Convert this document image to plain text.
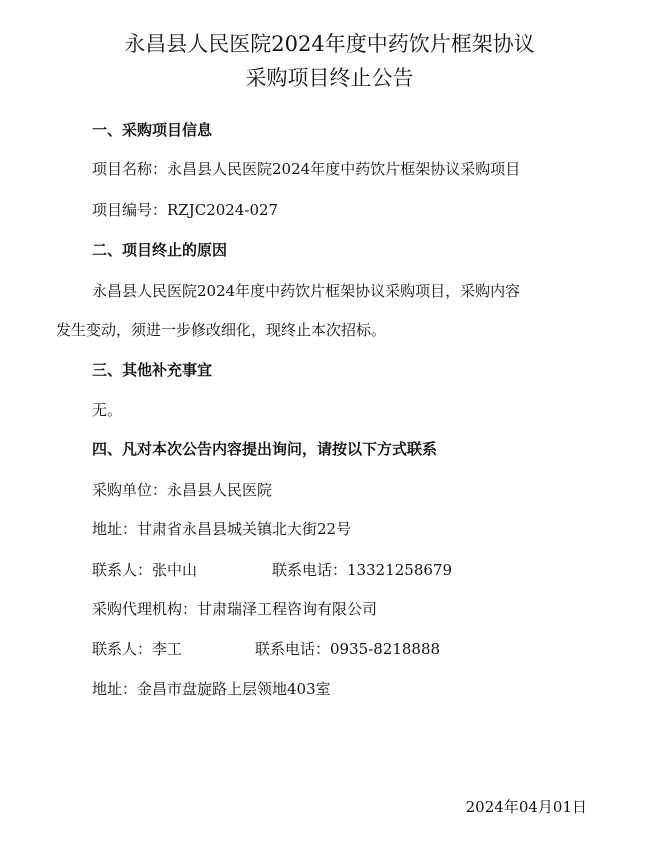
永昌县人民医院2024年度中药饮片框架协议
采购项目终止公告
一、采购项目信息
项目名称：永昌县人民医院2024年度中药饮片框架协议采购项目
项目编号：RZJC2024-027
二、项目终止的原因
永昌县人民医院2024年度中药饮片框架协议采购项目，采购内容
发生变动，须进一步修改细化，现终止本次招标。
三、其他补充事宜
无。
四、凡对本次公告内容提出询问，请按以下方式联系
采购单位：永昌县人民医院
地址：甘肃省永昌县城关镇北大街22号
联系人：张中山	联系电话：13321258679
采购代理机构：甘肃瑞泽工程咨询有限公司
联系人：李工	联系电话：0935-8218888
地址：金昌市盘旋路上层领地403室
2024年04月01日
